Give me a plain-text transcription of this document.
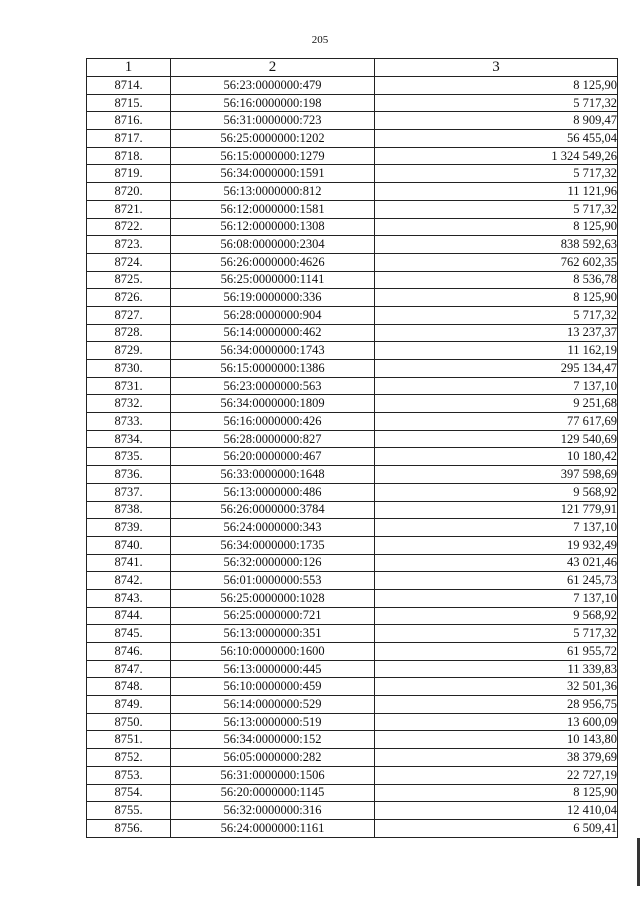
205
1	2	3
8714.	56:23:0000000:479	8 125,90
8715.	56:16:0000000:198	5 717,32
8716.	56:31:0000000:723	8 909,47
8717.	56:25:0000000:1202	56 455,04
8718.	56:15:0000000:1279	1 324 549,26
8719.	56:34:0000000:1591	5 717,32
8720.	56:13:0000000:812	11 121,96
8721.	56:12:0000000:1581	5 717,32
8722.	56:12:0000000:1308	8 125,90
8723.	56:08:0000000:2304	838 592,63
8724.	56:26:0000000:4626	762 602,35
8725.	56:25:0000000:1141	8 536,78
8726.	56:19:0000000:336	8 125,90
8727.	56:28:0000000:904	5 717,32
8728.	56:14:0000000:462	13 237,37
8729.	56:34:0000000:1743	11 162,19
8730.	56:15:0000000:1386	295 134,47
8731.	56:23:0000000:563	7 137,10
8732.	56:34:0000000:1809	9 251,68
8733.	56:16:0000000:426	77 617,69
8734.	56:28:0000000:827	129 540,69
8735.	56:20:0000000:467	10 180,42
8736.	56:33:0000000:1648	397 598,69
8737.	56:13:0000000:486	9 568,92
8738.	56:26:0000000:3784	121 779,91
8739.	56:24:0000000:343	7 137,10
8740.	56:34:0000000:1735	19 932,49
8741.	56:32:0000000:126	43 021,46
8742.	56:01:0000000:553	61 245,73
8743.	56:25:0000000:1028	7 137,10
8744.	56:25:0000000:721	9 568,92
8745.	56:13:0000000:351	5 717,32
8746.	56:10:0000000:1600	61 955,72
8747.	56:13:0000000:445	11 339,83
8748.	56:10:0000000:459	32 501,36
8749.	56:14:0000000:529	28 956,75
8750.	56:13:0000000:519	13 600,09
8751.	56:34:0000000:152	10 143,80
8752.	56:05:0000000:282	38 379,69
8753.	56:31:0000000:1506	22 727,19
8754.	56:20:0000000:1145	8 125,90
8755.	56:32:0000000:316	12 410,04
8756.	56:24:0000000:1161	6 509,41
